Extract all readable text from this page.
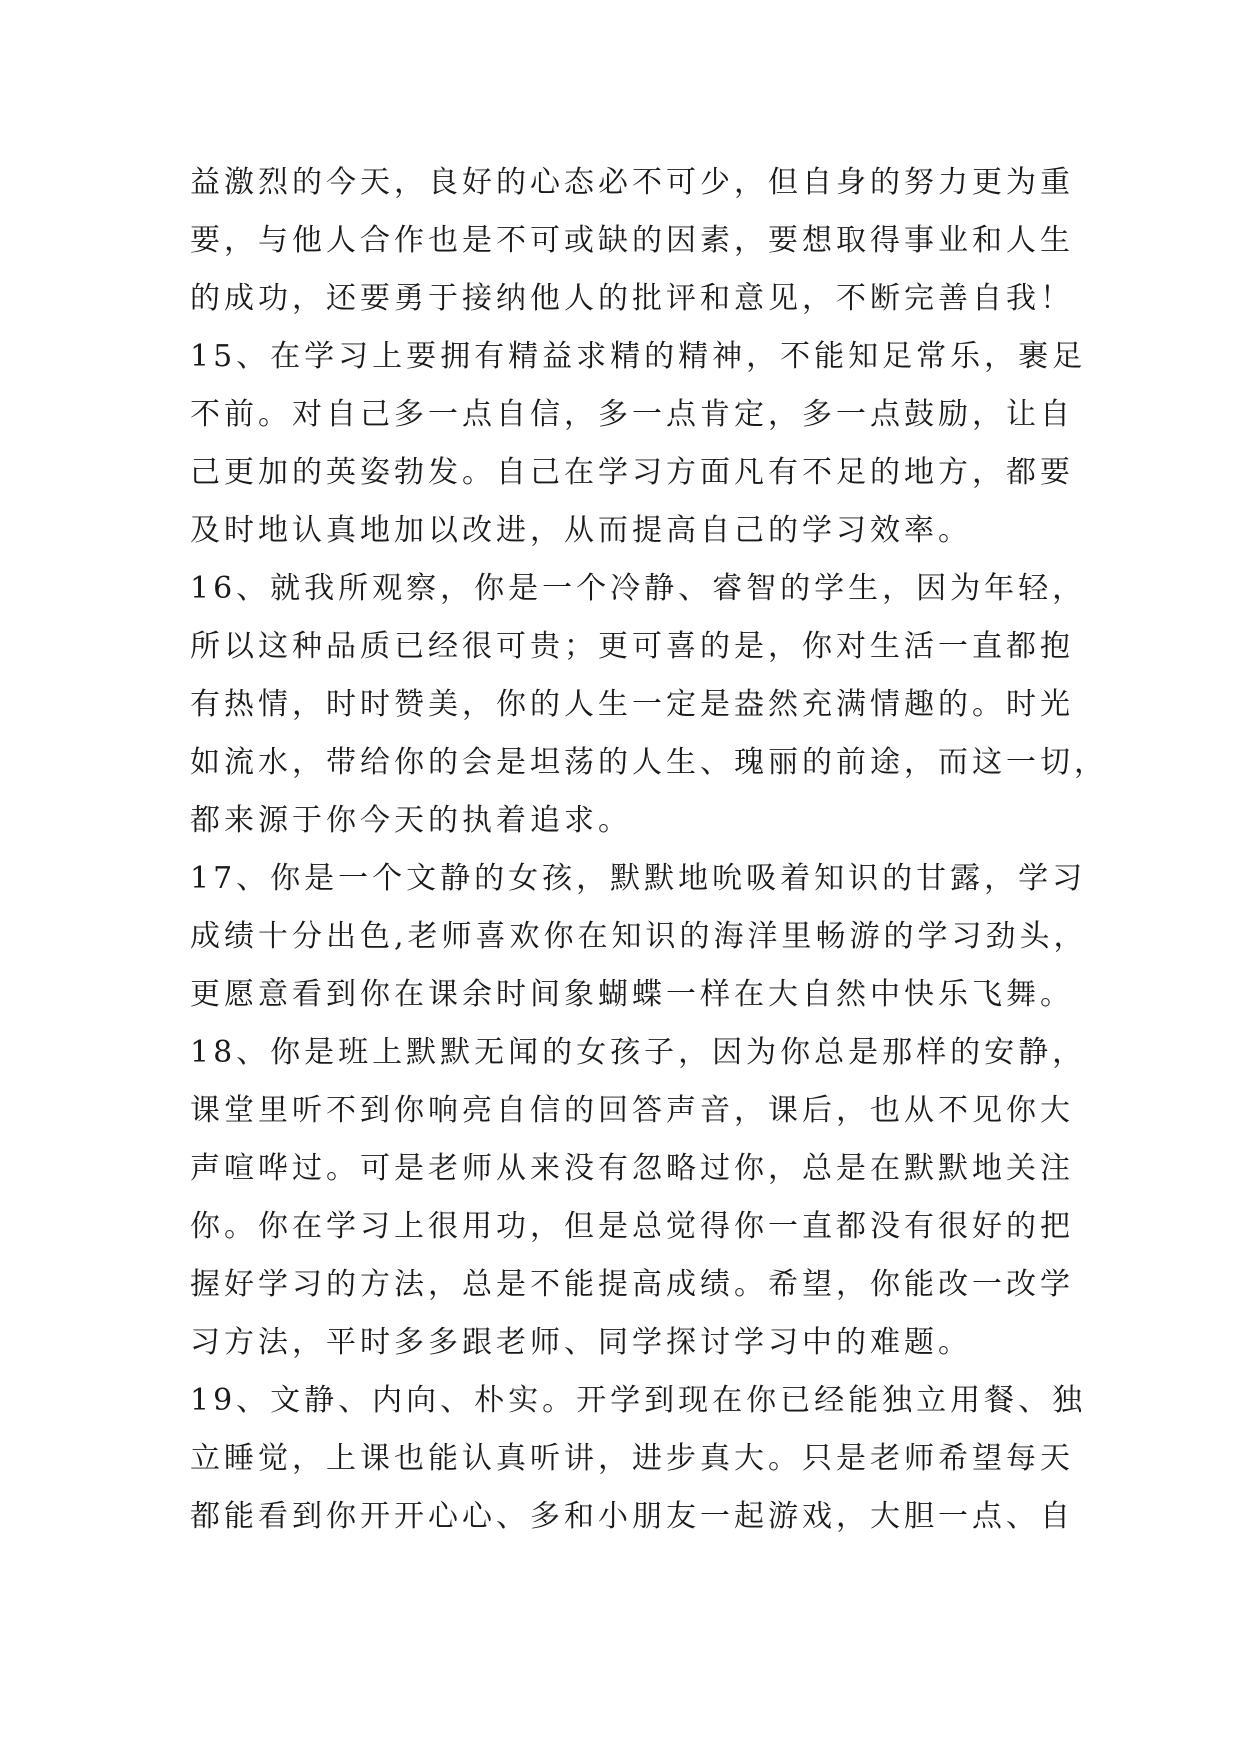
益激烈的今天，良好的心态必不可少，但自身的努力更为重
要，与他人合作也是不可或缺的因素，要想取得事业和人生
的成功，还要勇于接纳他人的批评和意见，不断完善自我！
15、在学习上要拥有精益求精的精神，不能知足常乐，裹足
不前。对自己多一点自信，多一点肯定，多一点鼓励，让自
己更加的英姿勃发。自己在学习方面凡有不足的地方，都要
及时地认真地加以改进，从而提高自己的学习效率。
16、就我所观察，你是一个冷静、睿智的学生，因为年轻，
所以这种品质已经很可贵；更可喜的是，你对生活一直都抱
有热情，时时赞美，你的人生一定是盎然充满情趣的。时光
如流水，带给你的会是坦荡的人生、瑰丽的前途，而这一切，
都来源于你今天的执着追求。
17、你是一个文静的女孩，默默地吮吸着知识的甘露，学习
成绩十分出色,老师喜欢你在知识的海洋里畅游的学习劲头，
更愿意看到你在课余时间象蝴蝶一样在大自然中快乐飞舞。
18、你是班上默默无闻的女孩子，因为你总是那样的安静，
课堂里听不到你响亮自信的回答声音，课后，也从不见你大
声喧哗过。可是老师从来没有忽略过你，总是在默默地关注
你。你在学习上很用功，但是总觉得你一直都没有很好的把
握好学习的方法，总是不能提高成绩。希望，你能改一改学
习方法，平时多多跟老师、同学探讨学习中的难题。
19、文静、内向、朴实。开学到现在你已经能独立用餐、独
立睡觉，上课也能认真听讲，进步真大。只是老师希望每天
都能看到你开开心心、多和小朋友一起游戏，大胆一点、自
